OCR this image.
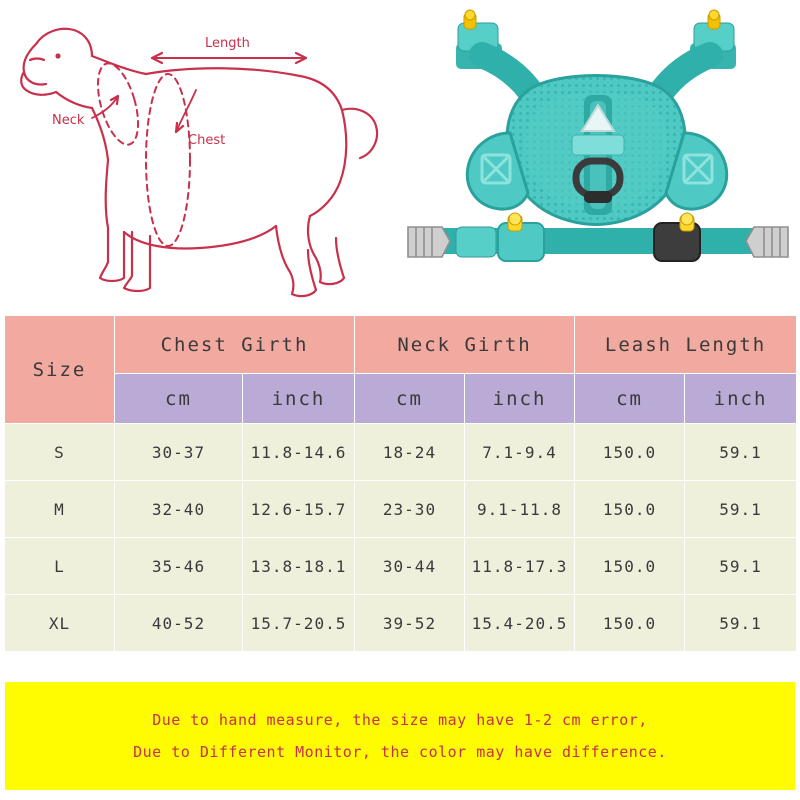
Length
Neck
Chest
Size	Chest Girth		Neck Girth		Leash Length	
	cm	inch	cm	inch	cm	inch
S	30-37	11.8-14.6	18-24	7.1-9.4	150.0	59.1
M	32-40	12.6-15.7	23-30	9.1-11.8	150.0	59.1
L	35-46	13.8-18.1	30-44	11.8-17.3	150.0	59.1
XL	40-52	15.7-20.5	39-52	15.4-20.5	150.0	59.1
Due to hand measure, the size may have 1-2 cm error,
Due to Different Monitor, the color may have difference.
